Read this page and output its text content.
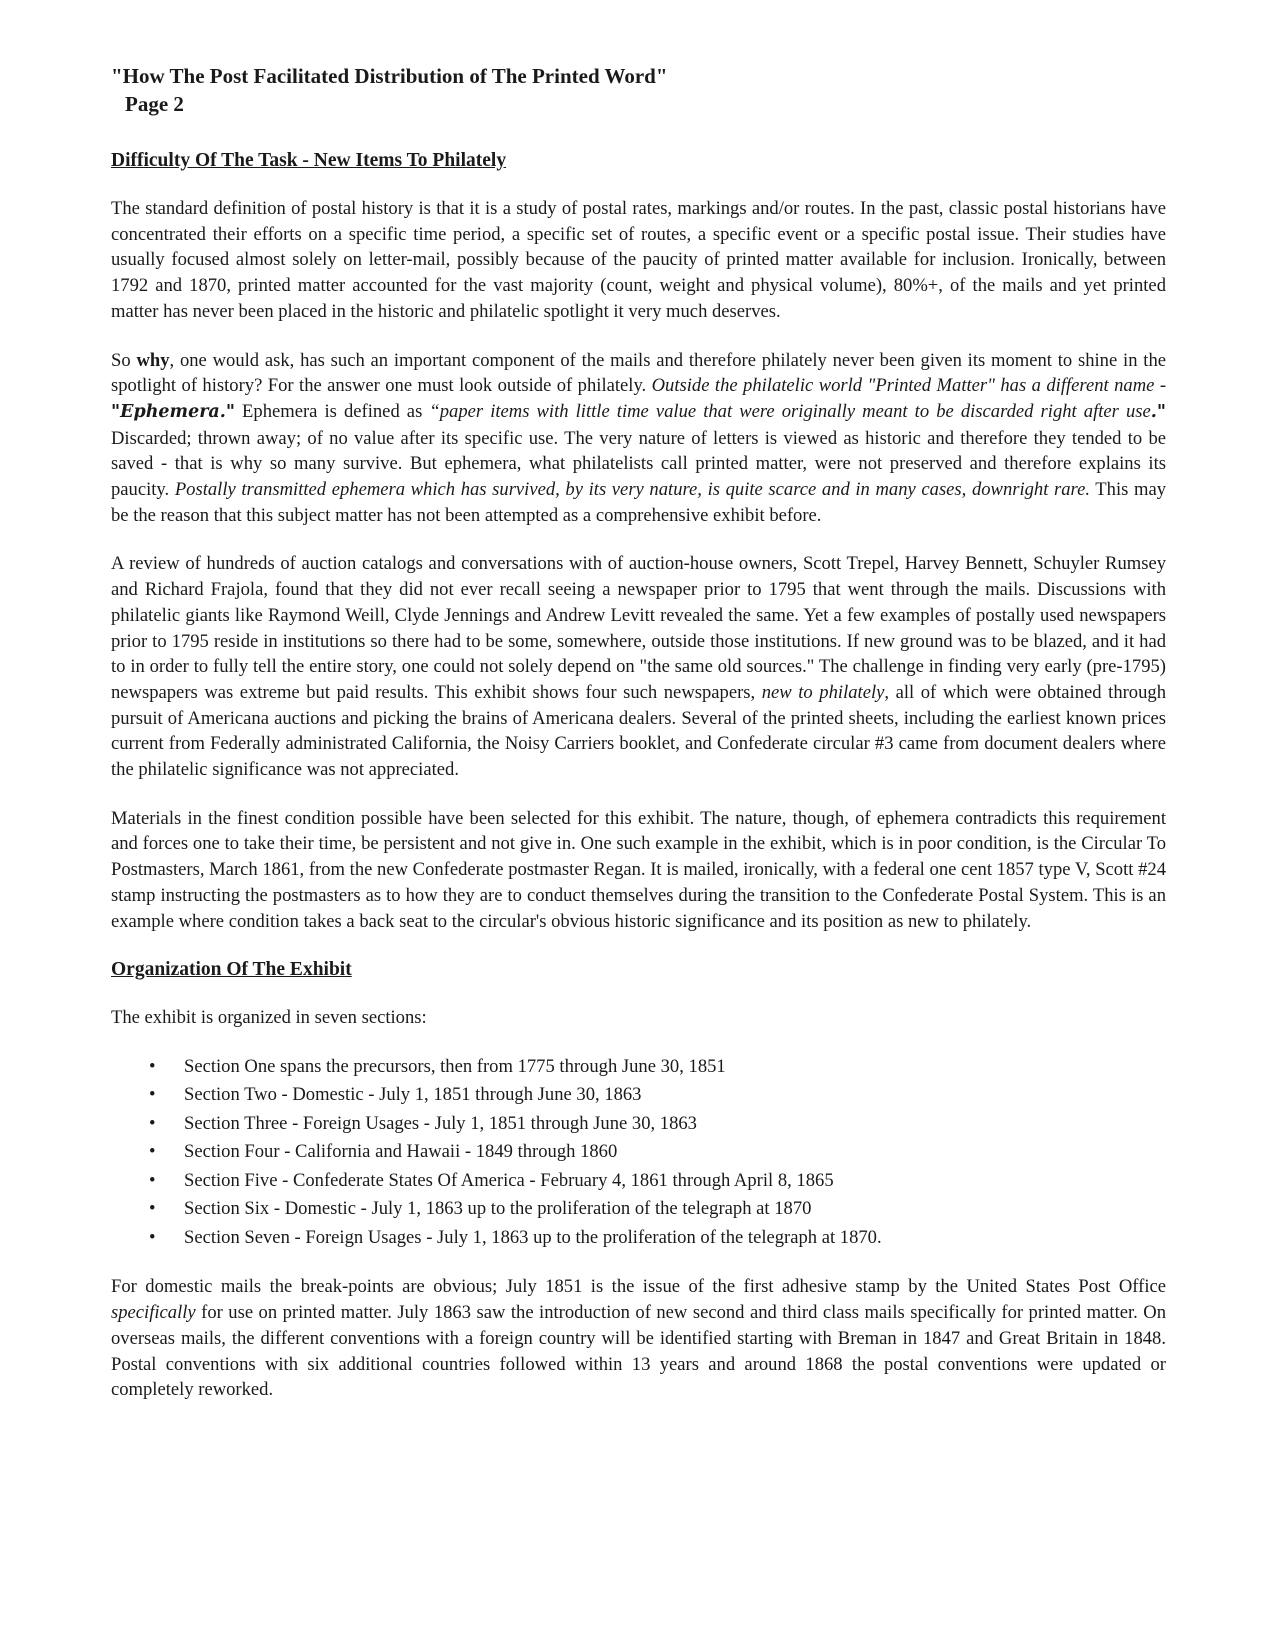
"How The Post Facilitated Distribution of The Printed Word"
Page 2
Difficulty Of The Task - New Items To Philately

The standard definition of postal history is that it is a study of postal rates, markings and/or routes. In the past, classic postal historians have concentrated their efforts on a specific time period, a specific set of routes, a specific event or a specific postal issue. Their studies have usually focused almost solely on letter-mail, possibly because of the paucity of printed matter available for inclusion. Ironically, between 1792 and 1870, printed matter accounted for the vast majority (count, weight and physical volume), 80%+, of the mails and yet printed matter has never been placed in the historic and philatelic spotlight it very much deserves.

So why, one would ask, has such an important component of the mails and therefore philately never been given its moment to shine in the spotlight of history? For the answer one must look outside of philately. Outside the philatelic world "Printed Matter" has a different name - "Ephemera." Ephemera is defined as “paper items with little time value that were originally meant to be discarded right after use." Discarded; thrown away; of no value after its specific use. The very nature of letters is viewed as historic and therefore they tended to be saved - that is why so many survive. But ephemera, what philatelists call printed matter, were not preserved and therefore explains its paucity. Postally transmitted ephemera which has survived, by its very nature, is quite scarce and in many cases, downright rare. This may be the reason that this subject matter has not been attempted as a comprehensive exhibit before.

A review of hundreds of auction catalogs and conversations with of auction-house owners, Scott Trepel, Harvey Bennett, Schuyler Rumsey and Richard Frajola, found that they did not ever recall seeing a newspaper prior to 1795 that went through the mails. Discussions with philatelic giants like Raymond Weill, Clyde Jennings and Andrew Levitt revealed the same. Yet a few examples of postally used newspapers prior to 1795 reside in institutions so there had to be some, somewhere, outside those institutions. If new ground was to be blazed, and it had to in order to fully tell the entire story, one could not solely depend on "the same old sources." The challenge in finding very early (pre-1795) newspapers was extreme but paid results. This exhibit shows four such newspapers, new to philately, all of which were obtained through pursuit of Americana auctions and picking the brains of Americana dealers. Several of the printed sheets, including the earliest known prices current from Federally administrated California, the Noisy Carriers booklet, and Confederate circular #3 came from document dealers where the philatelic significance was not appreciated.

Materials in the finest condition possible have been selected for this exhibit. The nature, though, of ephemera contradicts this requirement and forces one to take their time, be persistent and not give in. One such example in the exhibit, which is in poor condition, is the Circular To Postmasters, March 1861, from the new Confederate postmaster Regan. It is mailed, ironically, with a federal one cent 1857 type V, Scott #24 stamp instructing the postmasters as to how they are to conduct themselves during the transition to the Confederate Postal System. This is an example where condition takes a back seat to the circular's obvious historic significance and its position as new to philately.

Organization Of The Exhibit

The exhibit is organized in seven sections:

• Section One spans the precursors, then from 1775 through June 30, 1851
• Section Two - Domestic - July 1, 1851 through June 30, 1863
• Section Three - Foreign Usages - July 1, 1851 through June 30, 1863
• Section Four - California and Hawaii - 1849 through 1860
• Section Five - Confederate States Of America - February 4, 1861 through April 8, 1865
• Section Six - Domestic - July 1, 1863 up to the proliferation of the telegraph at 1870
• Section Seven - Foreign Usages - July 1, 1863 up to the proliferation of the telegraph at 1870.

For domestic mails the break-points are obvious; July 1851 is the issue of the first adhesive stamp by the United States Post Office specifically for use on printed matter. July 1863 saw the introduction of new second and third class mails specifically for printed matter. On overseas mails, the different conventions with a foreign country will be identified starting with Breman in 1847 and Great Britain in 1848. Postal conventions with six additional countries followed within 13 years and around 1868 the postal conventions were updated or completely reworked.
